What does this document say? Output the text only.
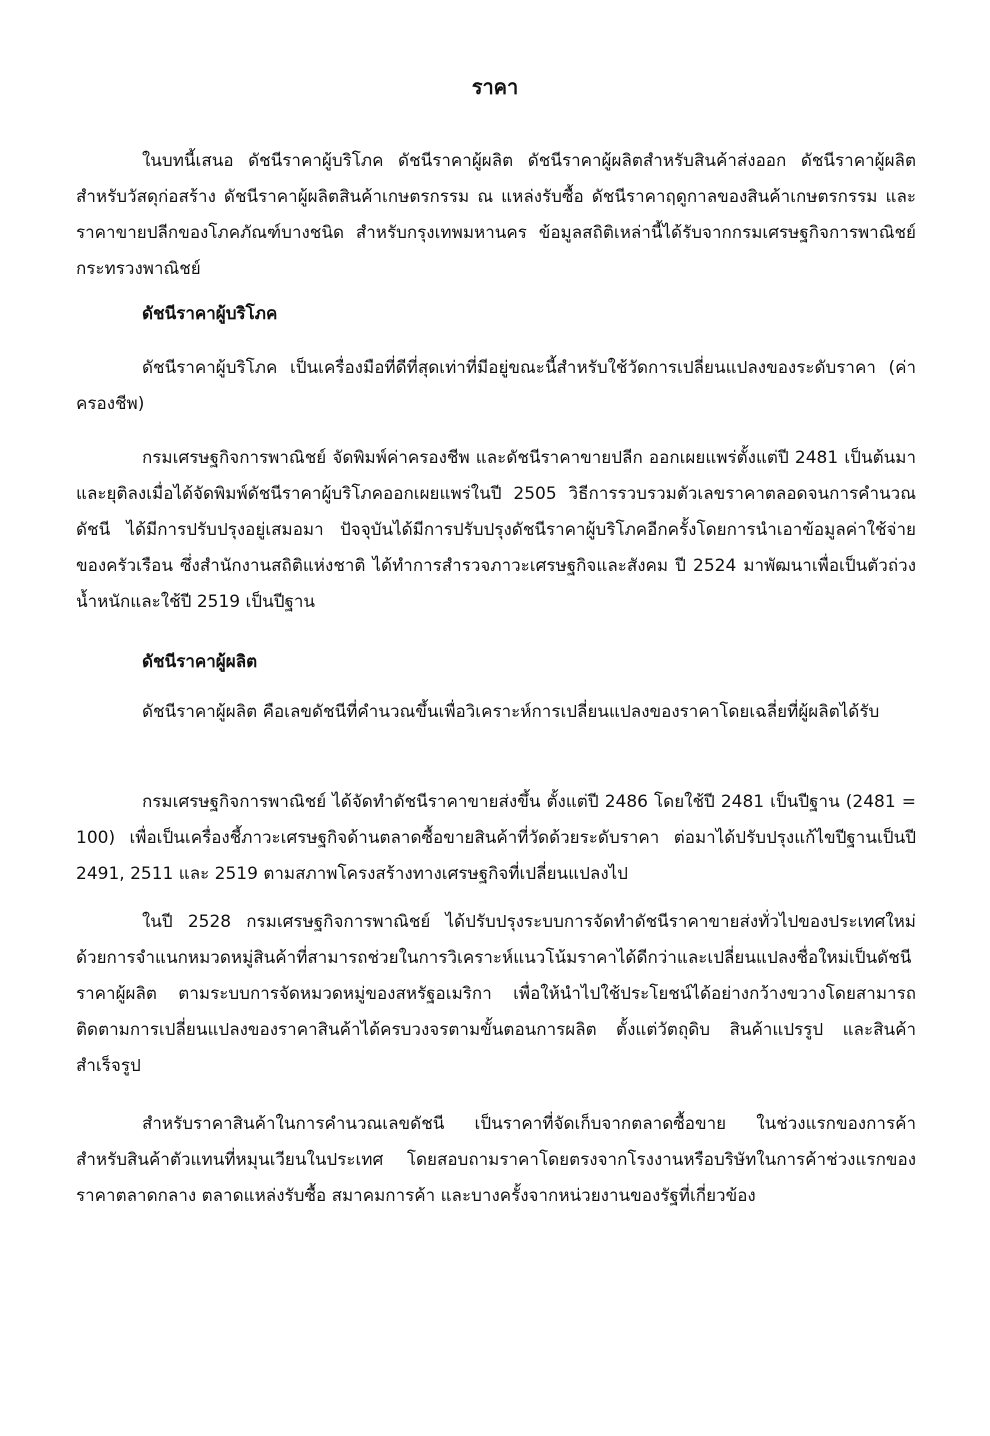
ราคา
ในบทนี้เสนอ ดัชนีราคาผู้บริโภค ดัชนีราคาผู้ผลิต ดัชนีราคาผู้ผลิตสำหรับสินค้าส่งออก ดัชนีราคาผู้ผลิตสำหรับวัสดุก่อสร้าง ดัชนีราคาผู้ผลิตสินค้าเกษตรกรรม ณ แหล่งรับซื้อ ดัชนีราคาฤดูกาลของสินค้าเกษตรกรรม และราคาขายปลีกของโภคภัณฑ์บางชนิด สำหรับกรุงเทพมหานคร ข้อมูลสถิติเหล่านี้ได้รับจากกรมเศรษฐกิจการพาณิชย์ กระทรวงพาณิชย์
ดัชนีราคาผู้บริโภค
ดัชนีราคาผู้บริโภค เป็นเครื่องมือที่ดีที่สุดเท่าที่มีอยู่ขณะนี้สำหรับใช้วัดการเปลี่ยนแปลงของระดับราคา (ค่าครองชีพ)
กรมเศรษฐกิจการพาณิชย์ จัดพิมพ์ค่าครองชีพ และดัชนีราคาขายปลีก ออกเผยแพร่ตั้งแต่ปี 2481 เป็นต้นมา และยุติลงเมื่อได้จัดพิมพ์ดัชนีราคาผู้บริโภคออกเผยแพร่ในปี 2505 วิธีการรวบรวมตัวเลขราคาตลอดจนการคำนวณดัชนี ได้มีการปรับปรุงอยู่เสมอมา ปัจจุบันได้มีการปรับปรุงดัชนีราคาผู้บริโภคอีกครั้งโดยการนำเอาข้อมูลค่าใช้จ่ายของครัวเรือน ซึ่งสำนักงานสถิติแห่งชาติ ได้ทำการสำรวจภาวะเศรษฐกิจและสังคม ปี 2524 มาพัฒนาเพื่อเป็นตัวถ่วงน้ำหนักและใช้ปี 2519 เป็นปีฐาน
ดัชนีราคาผู้ผลิต
ดัชนีราคาผู้ผลิต คือเลขดัชนีที่คำนวณขึ้นเพื่อวิเคราะห์การเปลี่ยนแปลงของราคาโดยเฉลี่ยที่ผู้ผลิตได้รับ
กรมเศรษฐกิจการพาณิชย์ ได้จัดทำดัชนีราคาขายส่งขึ้น ตั้งแต่ปี 2486 โดยใช้ปี 2481 เป็นปีฐาน (2481 = 100) เพื่อเป็นเครื่องชี้ภาวะเศรษฐกิจด้านตลาดซื้อขายสินค้าที่วัดด้วยระดับราคา ต่อมาได้ปรับปรุงแก้ไขปีฐานเป็นปี 2491, 2511 และ 2519 ตามสภาพโครงสร้างทางเศรษฐกิจที่เปลี่ยนแปลงไป
ในปี 2528 กรมเศรษฐกิจการพาณิชย์ ได้ปรับปรุงระบบการจัดทำดัชนีราคาขายส่งทั่วไปของประเทศใหม่ ด้วยการจำแนกหมวดหมู่สินค้าที่สามารถช่วยในการวิเคราะห์แนวโน้มราคาได้ดีกว่าและเปลี่ยนแปลงชื่อใหม่เป็นดัชนีราคาผู้ผลิต ตามระบบการจัดหมวดหมู่ของสหรัฐอเมริกา เพื่อให้นำไปใช้ประโยชน์ได้อย่างกว้างขวางโดยสามารถติดตามการเปลี่ยนแปลงของราคาสินค้าได้ครบวงจรตามขั้นตอนการผลิต ตั้งแต่วัตถุดิบ สินค้าแปรรูป และสินค้าสำเร็จรูป
สำหรับราคาสินค้าในการคำนวณเลขดัชนี เป็นราคาที่จัดเก็บจากตลาดซื้อขาย ในช่วงแรกของการค้าสำหรับสินค้าตัวแทนที่หมุนเวียนในประเทศ โดยสอบถามราคาโดยตรงจากโรงงานหรือบริษัทในการค้าช่วงแรกของราคาตลาดกลาง ตลาดแหล่งรับซื้อ สมาคมการค้า และบางครั้งจากหน่วยงานของรัฐที่เกี่ยวข้อง
